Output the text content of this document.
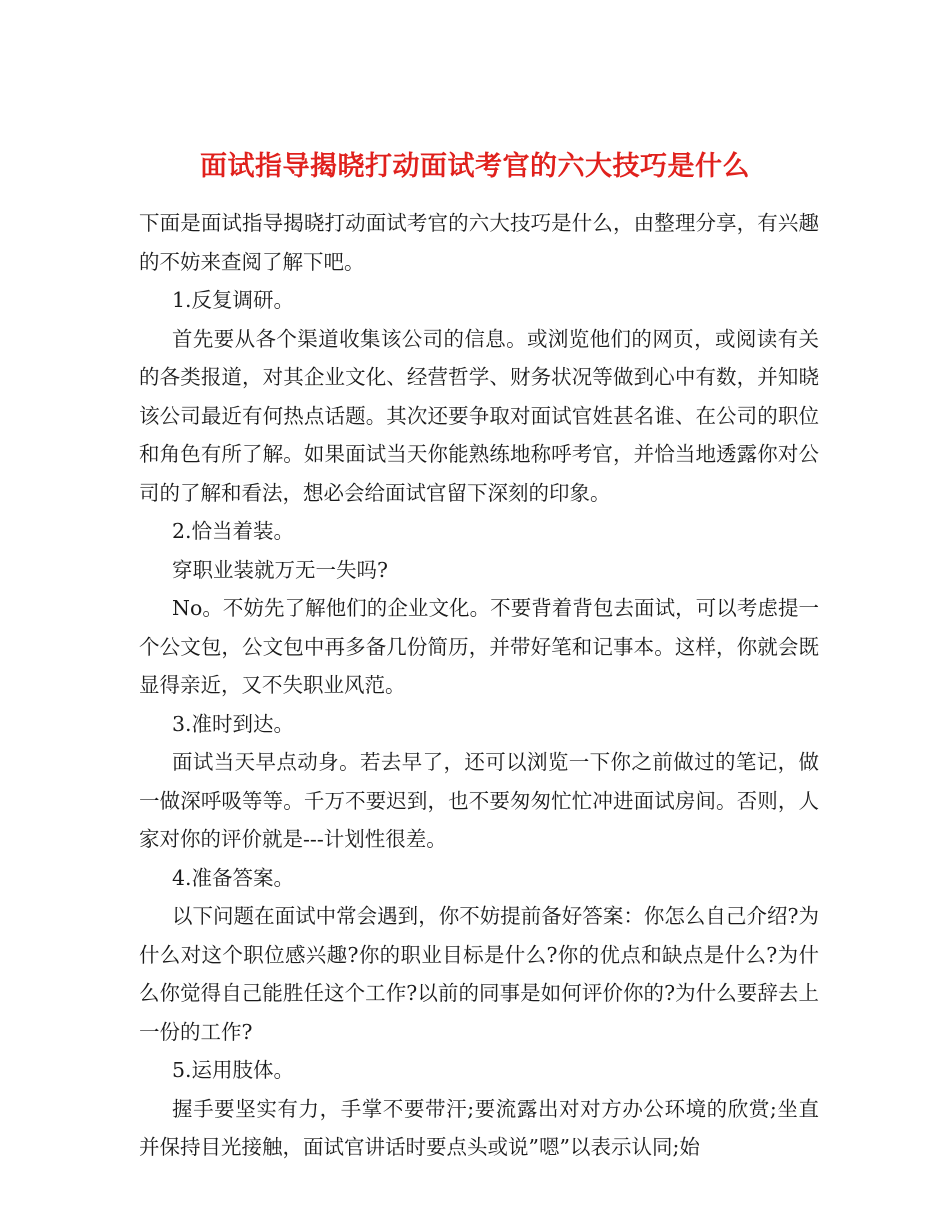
面试指导揭晓打动面试考官的六大技巧是什么

下面是面试指导揭晓打动面试考官的六大技巧是什么，由整理分享，有兴趣的不妨来查阅了解下吧。

1.反复调研。

首先要从各个渠道收集该公司的信息。或浏览他们的网页，或阅读有关的各类报道，对其企业文化、经营哲学、财务状况等做到心中有数，并知晓该公司最近有何热点话题。其次还要争取对面试官姓甚名谁、在公司的职位和角色有所了解。如果面试当天你能熟练地称呼考官，并恰当地透露你对公司的了解和看法，想必会给面试官留下深刻的印象。

2.恰当着装。

穿职业装就万无一失吗?

No。不妨先了解他们的企业文化。不要背着背包去面试，可以考虑提一个公文包，公文包中再多备几份简历，并带好笔和记事本。这样，你就会既显得亲近，又不失职业风范。

3.准时到达。

面试当天早点动身。若去早了，还可以浏览一下你之前做过的笔记，做一做深呼吸等等。千万不要迟到，也不要匆匆忙忙冲进面试房间。否则，人家对你的评价就是---计划性很差。

4.准备答案。

以下问题在面试中常会遇到，你不妨提前备好答案：你怎么自己介绍?为什么对这个职位感兴趣?你的职业目标是什么?你的优点和缺点是什么?为什么你觉得自己能胜任这个工作?以前的同事是如何评价你的?为什么要辞去上一份的工作?

5.运用肢体。

握手要坚实有力，手掌不要带汗;要流露出对对方办公环境的欣赏;坐直并保持目光接触，面试官讲话时要点头或说”嗯”以表示认同;始
